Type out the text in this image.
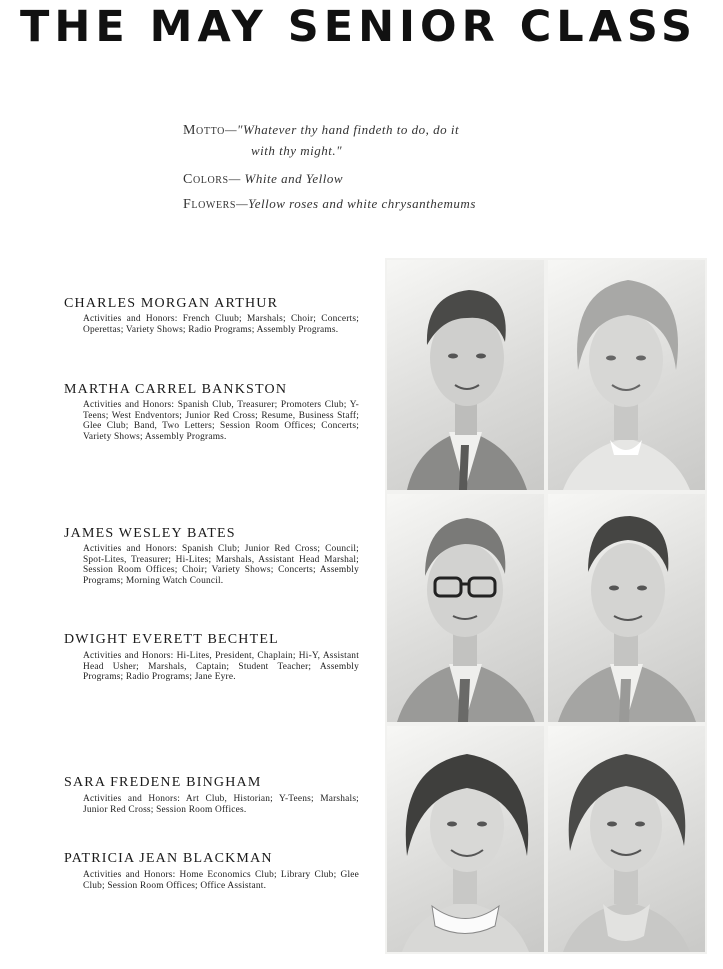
THE MAY SENIOR CLASS
Motto—"Whatever thy hand findeth to do, do it
with thy might."
Colors— White and Yellow
Flowers—Yellow roses and white chrysanthemums
CHARLES MORGAN ARTHUR
Activities and Honors: French Cluub; Marshals; Choir; Concerts; Operettas; Variety Shows; Radio Programs; Assembly Programs.
MARTHA CARREL BANKSTON
Activities and Honors: Spanish Club, Treasurer; Promoters Club; Y-Teens; West Endventors; Junior Red Cross; Resume, Business Staff; Glee Club; Band, Two Letters; Session Room Offices; Concerts; Variety Shows; Assembly Programs.
JAMES WESLEY BATES
Activities and Honors: Spanish Club; Junior Red Cross; Council; Spot-Lites, Treasurer; Hi-Lites; Marshals, Assistant Head Marshal; Session Room Offices; Choir; Variety Shows; Concerts; Assembly Programs; Morning Watch Council.
DWIGHT EVERETT BECHTEL
Activities and Honors: Hi-Lites, President, Chaplain; Hi-Y, Assistant Head Usher; Marshals, Captain; Student Teacher; Assembly Programs; Radio Programs; Jane Eyre.
SARA FREDENE BINGHAM
Activities and Honors: Art Club, Historian; Y-Teens; Marshals; Junior Red Cross; Session Room Offices.
PATRICIA JEAN BLACKMAN
Activities and Honors: Home Economics Club; Library Club; Glee Club; Session Room Offices; Office Assistant.
